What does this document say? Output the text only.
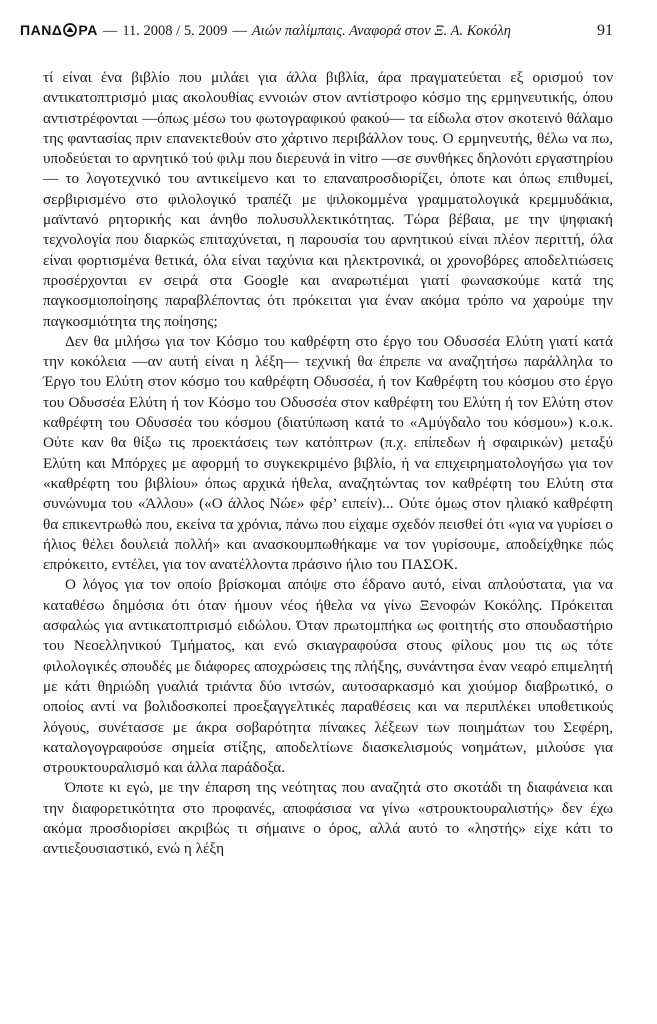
ΠΑΝΔ ΡΑ — 11. 2008 / 5. 2009 — Αιών παλίμπαις. Αναφορά στον Ξ. Α. Κοκόλη	91

τί είναι ένα βιβλίο που μιλάει για άλλα βιβλία, άρα πραγματεύεται εξ ορισμού τον αντικατοπτρισμό μιας ακολουθίας εννοιών στον αντίστροφο κόσμο της ερμηνευτικής, όπου αντιστρέφονται —όπως μέσω του φωτογραφικού φακού— τα είδωλα στον σκοτεινό θάλαμο της φαντασίας πριν επανεκτεθούν στο χάρτινο περιβάλλον τους. Ο ερμηνευτής, θέλω να πω, υποδεύεται το αρνητικό τού φιλμ που διερευνά in vitro —σε συνθήκες δηλονότι εργαστηρίου— το λογοτεχνικό του αντικείμενο και το επαναπροσδιορίζει, όποτε και όπως επιθυμεί, σερβιρισμένο στο φιλολογικό τραπέζι με ψιλοκομμένα γραμματολογικά κρεμμυδάκια, μαϊντανό ρητορικής και άνηθο πολυσυλλεκτικότητας. Τώρα βέβαια, με την ψηφιακή τεχνολογία που διαρκώς επιταχύνεται, η παρουσία του αρνητικού είναι πλέον περιττή, όλα είναι φορτισμένα θετικά, όλα είναι ταχύνια και ηλεκτρονικά, οι χρονοβόρες αποδελτιώσεις προσέρχονται εν σειρά στα Google και αναρωτιέμαι γιατί φωνασκούμε κατά της παγκοσμιοποίησης παραβλέποντας ότι πρόκειται για έναν ακόμα τρόπο να χαρούμε την παγκοσμιότητα της ποίησης;

Δεν θα μιλήσω για τον Κόσμο του καθρέφτη στο έργο του Οδυσσέα Ελύτη γιατί κατά την κοκόλεια —αν αυτή είναι η λέξη— τεχνική θα έπρεπε να αναζητήσω παράλληλα το Έργο του Ελύτη στον κόσμο του καθρέφτη Οδυσσέα, ή τον Καθρέφτη του κόσμου στο έργο του Οδυσσέα Ελύτη ή τον Κόσμο του Οδυσσέα στον καθρέφτη του Ελύτη ή τον Ελύτη στον καθρέφτη του Οδυσσέα του κόσμου (διατύπωση κατά το «Αμύγδαλο του κόσμου») κ.ο.κ. Ούτε καν θα θίξω τις προεκτάσεις των κατόπτρων (π.χ. επίπεδων ή σφαιρικών) μεταξύ Ελύτη και Μπόρχες με αφορμή το συγκεκριμένο βιβλίο, ή να επιχειρηματολογήσω για τον «καθρέφτη του βιβλίου» όπως αρχικά ήθελα, αναζητώντας τον καθρέφτη του Ελύτη στα συνώνυμα του «Άλλου» («Ο άλλος Νώε» φέρ’ ειπείν)... Ούτε όμως στον ηλιακό καθρέφτη θα επικεντρωθώ που, εκείνα τα χρόνια, πάνω που είχαμε σχεδόν πεισθεί ότι «για να γυρίσει ο ήλιος θέλει δουλειά πολλή» και ανασκουμπωθήκαμε να τον γυρίσουμε, αποδείχθηκε πώς επρόκειτο, εντέλει, για τον ανατέλλοντα πράσινο ήλιο του ΠΑΣΟΚ.

Ο λόγος για τον οποίο βρίσκομαι απόψε στο έδρανο αυτό, είναι απλούστατα, για να καταθέσω δημόσια ότι όταν ήμουν νέος ήθελα να γίνω Ξενοφών Κοκόλης. Πρόκειται ασφαλώς για αντικατοπτρισμό ειδώλου. Όταν πρωτομπήκα ως φοιτητής στο σπουδαστήριο του Νεοελληνικού Τμήματος, και ενώ σκιαγραφούσα στους φίλους μου τις ως τότε φιλολογικές σπουδές με διάφορες αποχρώσεις της πλήξης, συνάντησα έναν νεαρό επιμελητή με κάτι θηριώδη γυαλιά τριάντα δύο ιντσών, αυτοσαρκασμό και χιούμορ διαβρωτικό, ο οποίος αντί να βολιδοσκοπεί προεξαγγελτικές παραθέσεις και να περιπλέκει υποθετικούς λόγους, συνέτασσε με άκρα σοβαρότητα πίνακες λέξεων των ποιημάτων του Σεφέρη, καταλογογραφούσε σημεία στίξης, αποδελτίωνε διασκελισμούς νοημάτων, μιλούσε για στρουκτουραλισμό και άλλα παράδοξα.

Όποτε κι εγώ, με την έπαρση της νεότητας που αναζητά στο σκοτάδι τη διαφάνεια και την διαφορετικότητα στο προφανές, αποφάσισα να γίνω «στρουκτουραλιστής» δεν έχω ακόμα προσδιορίσει ακριβώς τι σήμαινε ο όρος, αλλά αυτό το «ληστής» είχε κάτι το αντιεξουσιαστικό, ενώ η λέξη
